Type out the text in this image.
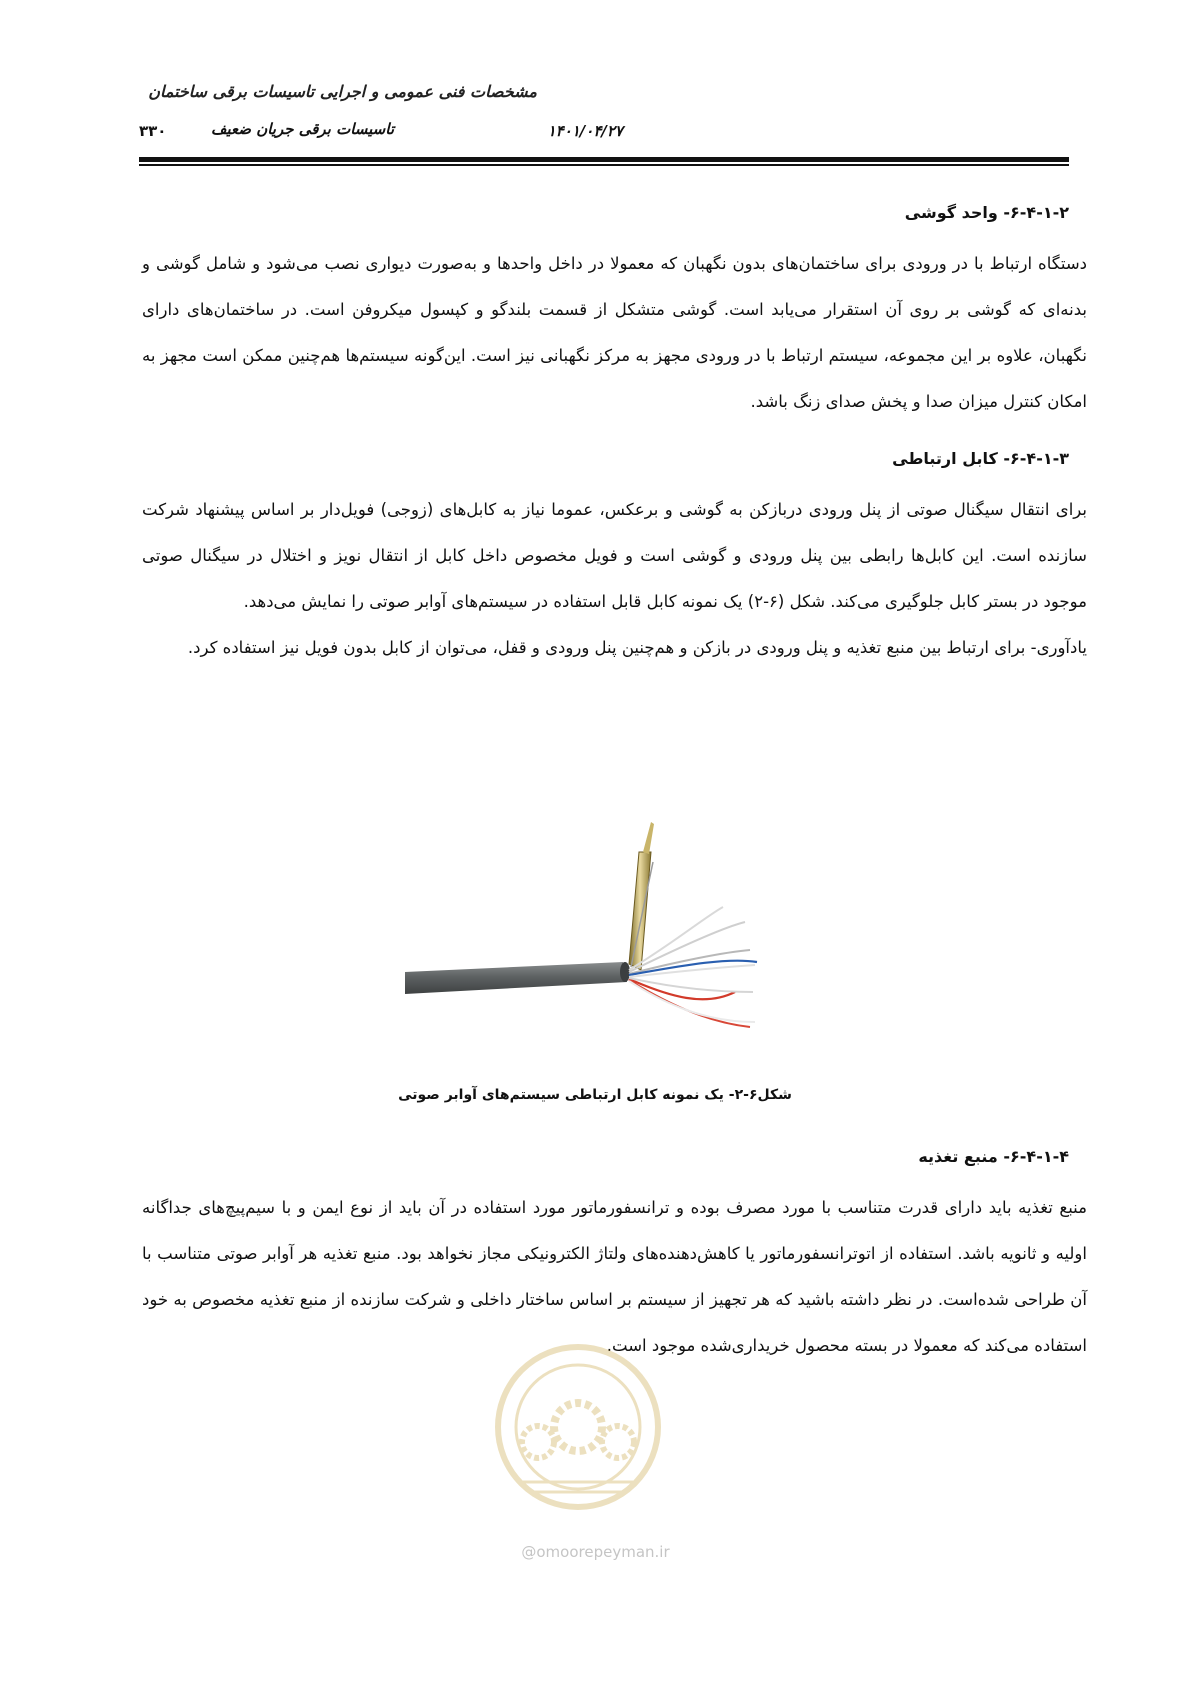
مشخصات فنی عمومی و اجرایی تاسیسات برقی ساختمان
تاسیسات برقی جریان ضعیف	۱۴۰۱/۰۴/۲۷
۳۳۰
۶-۴-۱-۲- واحد گوشی

دستگاه ارتباط با در ورودی برای ساختمان‌های بدون نگهبان که معمولا در داخل واحدها و به‌صورت دیواری نصب می‌شود و شامل گوشی و بدنه‌ای که گوشی بر روی آن استقرار می‌یابد است. گوشی متشکل از قسمت بلندگو و کپسول میکروفن است. در ساختمان‌های دارای نگهبان، علاوه بر این مجموعه، سیستم ارتباط با در ورودی مجهز به مرکز نگهبانی نیز است. این‌گونه سیستم‌ها هم‌چنین ممکن است مجهز به امکان کنترل میزان صدا و پخش صدای زنگ باشد.

۶-۴-۱-۳- کابل ارتباطی

برای انتقال سیگنال صوتی از پنل ورودی دربازکن به گوشی و برعکس، عموما نیاز به کابل‌های (زوجی) فویل‌دار بر اساس پیشنهاد شرکت سازنده است. این کابل‌ها رابطی بین پنل ورودی و گوشی است و فویل مخصوص داخل کابل از انتقال نویز و اختلال در سیگنال صوتی موجود در بستر کابل جلوگیری می‌کند. شکل (۶-۲) یک نمونه کابل قابل استفاده در سیستم‌های آوابر صوتی را نمایش می‌دهد.

یادآوری- برای ارتباط بین منبع تغذیه و پنل ورودی در بازکن و هم‌چنین پنل ورودی و قفل، می‌توان از کابل بدون فویل نیز استفاده کرد.

شکل۶-۲- یک نمونه کابل ارتباطی سیستم‌های آوابر صوتی
۶-۴-۱-۴- منبع تغذیه

منبع تغذیه باید دارای قدرت متناسب با مورد مصرف بوده و ترانسفورماتور مورد استفاده در آن باید از نوع ایمن و با سیم‌پیچ‌های جداگانه اولیه و ثانویه باشد. استفاده از اتوترانسفورماتور یا کاهش‌دهنده‌های ولتاژ الکترونیکی مجاز نخواهد بود. منبع تغذیه هر آوابر صوتی متناسب با آن طراحی شده‌است. در نظر داشته باشید که هر تجهیز از سیستم بر اساس ساختار داخلی و شرکت سازنده از منبع تغذیه مخصوص به خود استفاده می‌کند که معمولا در بسته محصول خریداری‌شده موجود است.

@omoorepeyman.ir
